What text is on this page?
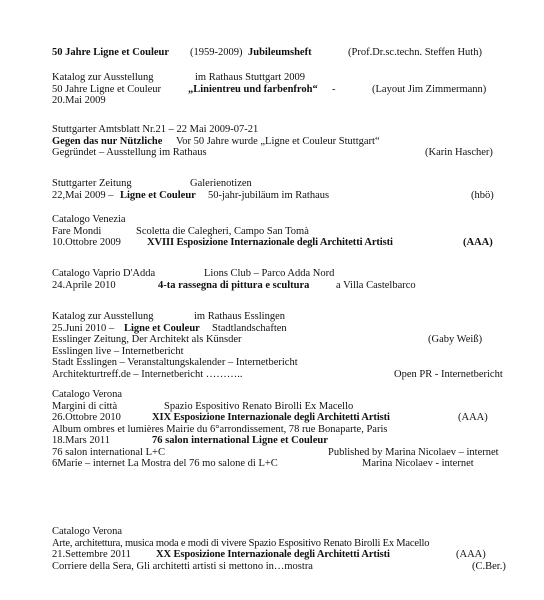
50 Jahre Ligne et Couleur (1959-2009) Jubileumsheft	(Prof.Dr.sc.techn. Steffen Huth)
Katalog zur Ausstellung	im Rathaus Stuttgart 2009
50 Jahre Ligne et Couleur	„Linientreu und farbenfroh“ -	(Layout Jim Zimmermann)
20.Mai 2009
Stuttgarter Amtsblatt Nr.21 – 22 Mai 2009-07-21
Gegen das nur Nützliche Vor 50 Jahre wurde „Ligne et Couleur Stuttgart“
Gegründet – Ausstellung im Rathaus	(Karin Hascher)
Stuttgarter Zeitung	Galerienotizen
22,Mai 2009 – Ligne et Couleur 50-jahr-jubiläum im Rathaus	(hbö)
Catalogo Venezia
Fare Mondi	Scoletta die Calegheri, Campo San Tomà
10.Ottobre 2009 XVIII Esposizione Internazionale degli Architetti Artisti	(AAA)
Catalogo Vaprio D'Adda	Lions Club – Parco Adda Nord
24.Aprile 2010	4-ta rassegna di pittura e scultura	a Villa Castelbarco
Katalog zur Ausstellung	im Rathaus Esslingen
25.Juni 2010 – Ligne et Couleur Stadtlandschaften
Esslinger Zeitung, Der Architekt als Künsder	(Gaby Weiß)
Esslingen live – Internetbericht
Stadt Esslingen – Veranstaltungskalender – Internetbericht
Architekturtreff.de – Internetbericht ………..	Open PR - Internetbericht
Catalogo Verona
Margini di città	Spazio Espositivo Renato Birolli Ex Macello
26.Ottobre 2010	XIX Esposizione Internazionale degli Architetti Artisti	(AAA)
Album ombres et lumières Mairie du 6°arrondissement, 78 rue Bonaparte, Paris
18.Mars 2011	76 salon international Ligne et Couleur
76 salon international L+C	Published by Marina Nicolaev – internet
6Marie – internet La Mostra del 76 mo salone di L+C	Marina Nicolaev - internet
Catalogo Verona
Arte, architettura, musica moda e modi di vivere Spazio Espositivo Renato Birolli Ex Macello
21.Settembre 2011 XX Esposizione Internazionale degli Architetti Artisti	(AAA)
Corriere della Sera, Gli architetti artisti si mettono in…mostra	(C.Ber.)
